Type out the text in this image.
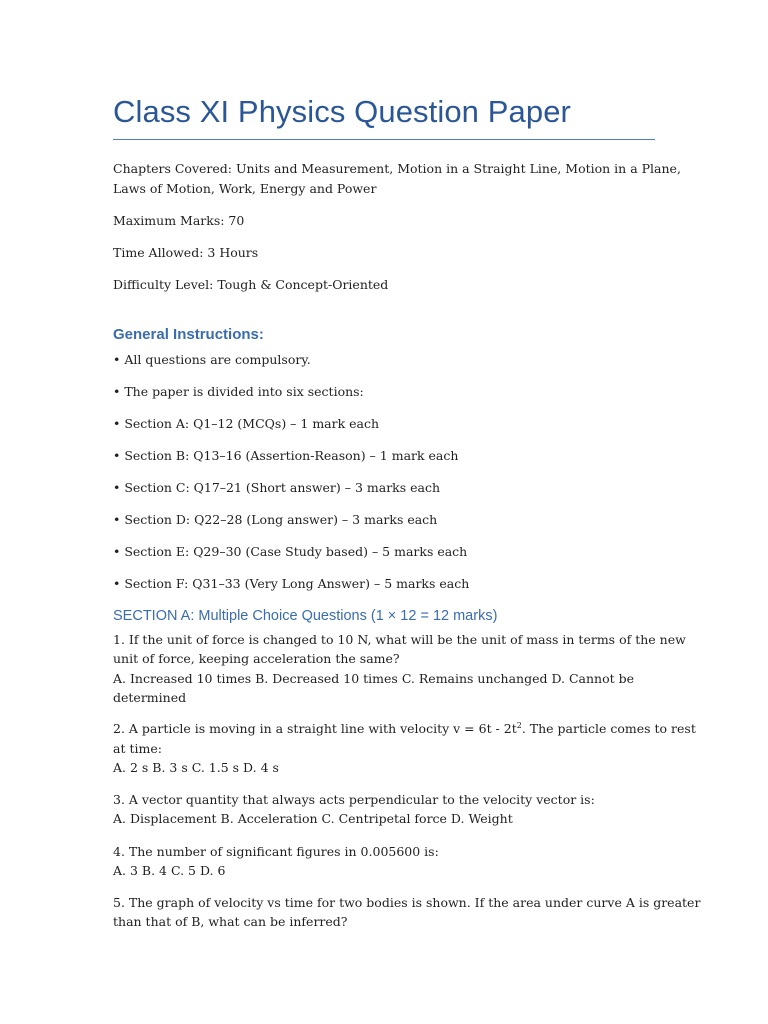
Class XI Physics Question Paper

Chapters Covered: Units and Measurement, Motion in a Straight Line, Motion in a Plane,

Laws of Motion, Work, Energy and Power

Maximum Marks: 70

Time Allowed: 3 Hours

Difficulty Level: Tough & Concept-Oriented

General Instructions:

• All questions are compulsory.

• The paper is divided into six sections:

• Section A: Q1–12 (MCQs) – 1 mark each

• Section B: Q13–16 (Assertion-Reason) – 1 mark each

• Section C: Q17–21 (Short answer) – 3 marks each

• Section D: Q22–28 (Long answer) – 3 marks each

• Section E: Q29–30 (Case Study based) – 5 marks each

• Section F: Q31–33 (Very Long Answer) – 5 marks each

SECTION A: Multiple Choice Questions (1 × 12 = 12 marks)

1. If the unit of force is changed to 10 N, what will be the unit of mass in terms of the new

unit of force, keeping acceleration the same?

A. Increased 10 times B. Decreased 10 times C. Remains unchanged D. Cannot be

determined

2. A particle is moving in a straight line with velocity $v = 6t - 2t^2$. The particle comes to rest

at time:

A. 2 s B. 3 s C. 1.5 s D. 4 s

3. A vector quantity that always acts perpendicular to the velocity vector is:

A. Displacement B. Acceleration C. Centripetal force D. Weight

4. The number of significant figures in 0.005600 is:

A. 3 B. 4 C. 5 D. 6

5. The graph of velocity vs time for two bodies is shown. If the area under curve A is greater

than that of B, what can be inferred?
